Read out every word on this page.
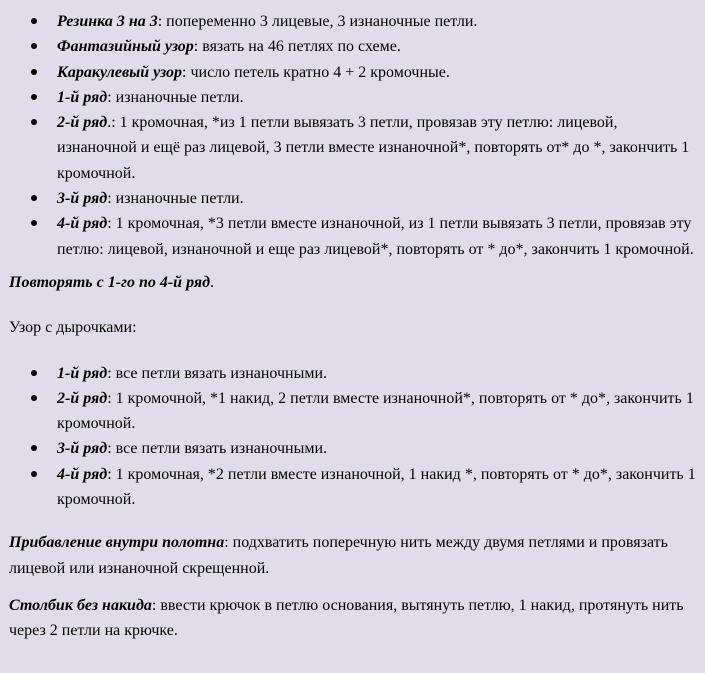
Резинка 3 на 3: попеременно 3 лицевые, 3 изнаночные петли.
Фантазийный узор: вязать на 46 петлях по схеме.
Каракулевый узор: число петель кратно 4 + 2 кромочные.
1-й ряд: изнаночные петли.
2-й ряд.: 1 кромочная, *из 1 петли вывязать 3 петли, провязав эту петлю: лицевой, изнаночной и ещё раз лицевой, 3 петли вместе изнаночной*, повторять от* до *, закончить 1 кромочной.
3-й ряд: изнаночные петли.
4-й ряд: 1 кромочная, *3 петли вместе изнаночной, из 1 петли вывязать 3 петли, провязав эту петлю: лицевой, изнаночной и еще раз лицевой*, повторять от * до*, закончить 1 кромочной.

Повторять с 1-го по 4-й ряд.

Узор с дырочками:

1-й ряд: все петли вязать изнаночными.
2-й ряд: 1 кромочной, *1 накид, 2 петли вместе изнаночной*, повторять от * до*, закончить 1 кромочной.
3-й ряд: все петли вязать изнаночными.
4-й ряд: 1 кромочная, *2 петли вместе изнаночной, 1 накид *, повторять от * до*, закончить 1 кромочной.

Прибавление внутри полотна: подхватить поперечную нить между двумя петлями и провязать лицевой или изнаночной скрещенной.

Столбик без накида: ввести крючок в петлю основания, вытянуть петлю, 1 накид, протянуть нить через 2 петли на крючке.
